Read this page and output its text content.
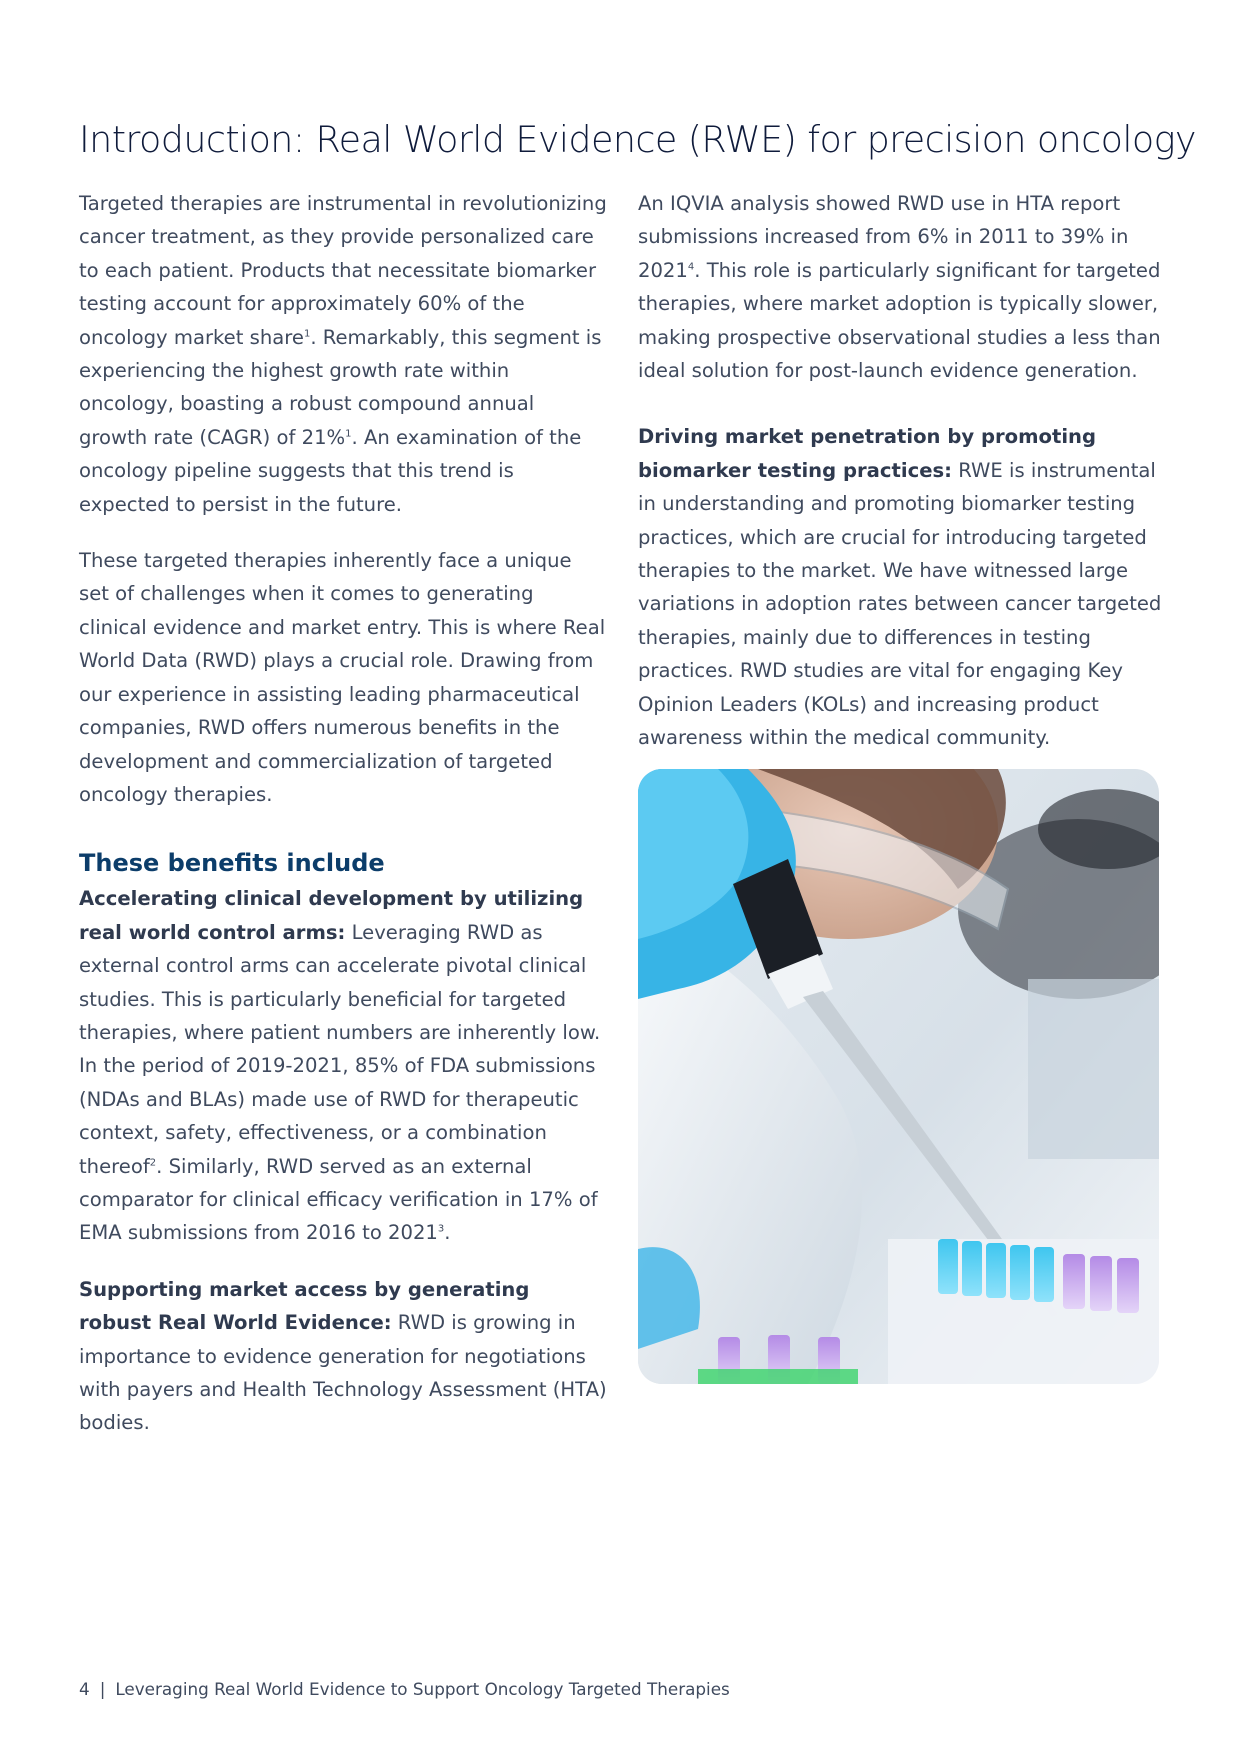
Introduction: Real World Evidence (RWE) for precision oncology

Targeted therapies are instrumental in revolutionizing cancer treatment, as they provide personalized care to each patient. Products that necessitate biomarker testing account for approximately 60% of the oncology market share$^1$. Remarkably, this segment is experiencing the highest growth rate within oncology, boasting a robust compound annual growth rate (CAGR) of 21%$^1$. An examination of the oncology pipeline suggests that this trend is expected to persist in the future.

These targeted therapies inherently face a unique set of challenges when it comes to generating clinical evidence and market entry. This is where Real World Data (RWD) plays a crucial role. Drawing from our experience in assisting leading pharmaceutical companies, RWD offers numerous benefits in the development and commercialization of targeted oncology therapies.

These benefits include

Accelerating clinical development by utilizing real world control arms: Leveraging RWD as external control arms can accelerate pivotal clinical studies. This is particularly beneficial for targeted therapies, where patient numbers are inherently low. In the period of 2019-2021, 85% of FDA submissions (NDAs and BLAs) made use of RWD for therapeutic context, safety, effectiveness, or a combination thereof$^2$. Similarly, RWD served as an external comparator for clinical efficacy verification in 17% of EMA submissions from 2016 to 2021$^3$.

Supporting market access by generating robust Real World Evidence: RWD is growing in importance to evidence generation for negotiations with payers and Health Technology Assessment (HTA) bodies.

An IQVIA analysis showed RWD use in HTA report submissions increased from 6% in 2011 to 39% in 2021$^4$. This role is particularly significant for targeted therapies, where market adoption is typically slower, making prospective observational studies a less than ideal solution for post-launch evidence generation.

Driving market penetration by promoting biomarker testing practices: RWE is instrumental in understanding and promoting biomarker testing practices, which are crucial for introducing targeted therapies to the market. We have witnessed large variations in adoption rates between cancer targeted therapies, mainly due to differences in testing practices. RWD studies are vital for engaging Key Opinion Leaders (KOLs) and increasing product awareness within the medical community.

4 | Leveraging Real World Evidence to Support Oncology Targeted Therapies
